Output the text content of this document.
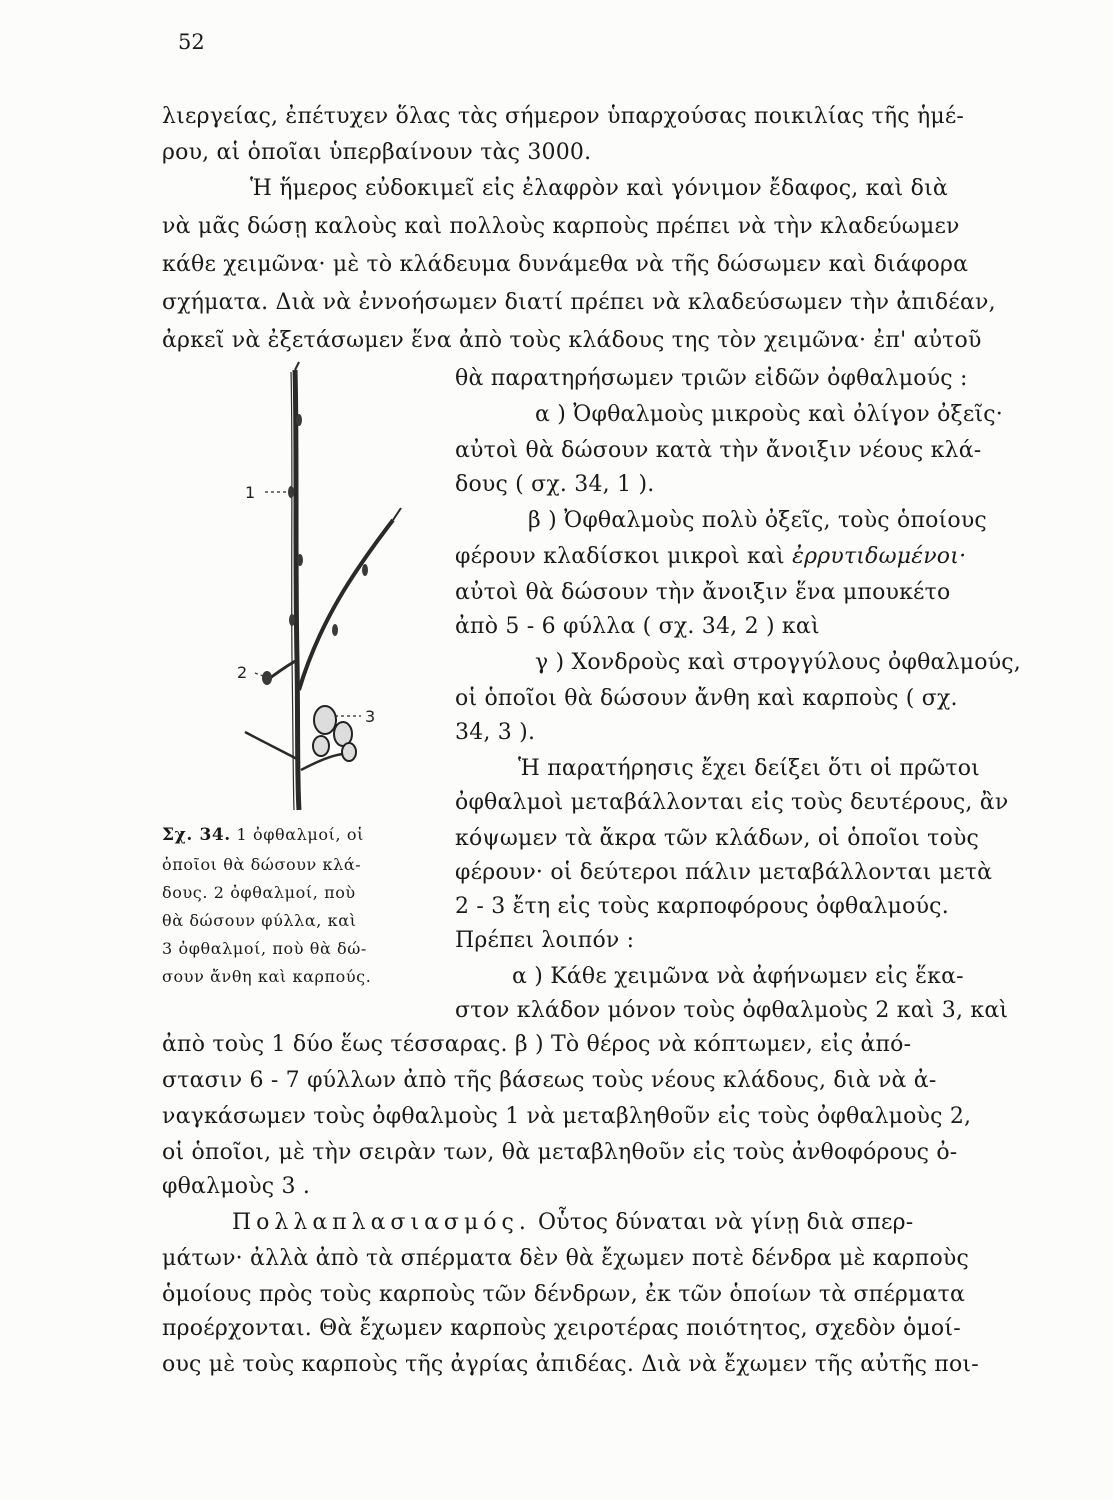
52
λιεργείας, ἐπέτυχεν ὅλας τὰς σήμερον ὑπαρχούσας ποικιλίας τῆς ἡμέ-
ρου, αἱ ὁποῖαι ὑπερβαίνουν τὰς 3000.
Ἡ ἥμερος εὐδοκιμεῖ εἰς ἐλαφρὸν καὶ γόνιμον ἔδαφος, καὶ διὰ
νὰ μᾶς δώσῃ καλοὺς καὶ πολλοὺς καρποὺς πρέπει νὰ τὴν κλαδεύωμεν
κάθε χειμῶνα· μὲ τὸ κλάδευμα δυνάμεθα νὰ τῆς δώσωμεν καὶ διάφορα
σχήματα. Διὰ νὰ ἐννοήσωμεν διατί πρέπει νὰ κλαδεύσωμεν τὴν ἀπιδέαν,
ἀρκεῖ νὰ ἐξετάσωμεν ἕνα ἀπὸ τοὺς κλάδους της τὸν χειμῶνα· ἐπ' αὐτοῦ
1
2
3
θὰ παρατηρήσωμεν τριῶν εἰδῶν ὀφθαλμούς :
α ) Ὀφθαλμοὺς μικροὺς καὶ ὀλίγον ὀξεῖς·
αὐτοὶ θὰ δώσουν κατὰ τὴν ἄνοιξιν νέους κλά-
δους ( σχ. 34, 1 ).
β ) Ὀφθαλμοὺς πολὺ ὀξεῖς, τοὺς ὁποίους
φέρουν κλαδίσκοι μικροὶ καὶ ἐρρυτιδωμένοι·
αὐτοὶ θὰ δώσουν τὴν ἄνοιξιν ἕνα μπουκέτο
ἀπὸ 5 - 6 φύλλα ( σχ. 34, 2 ) καὶ
γ ) Χονδροὺς καὶ στρογγύλους ὀφθαλμούς,
οἱ ὁποῖοι θὰ δώσουν ἄνθη καὶ καρποὺς ( σχ.
34, 3 ).
Ἡ παρατήρησις ἔχει δείξει ὅτι οἱ πρῶτοι
ὀφθαλμοὶ μεταβάλλονται εἰς τοὺς δευτέρους, ἂν
κόψωμεν τὰ ἄκρα τῶν κλάδων, οἱ ὁποῖοι τοὺς
φέρουν· οἱ δεύτεροι πάλιν μεταβάλλονται μετὰ
2 - 3 ἔτη εἰς τοὺς καρποφόρους ὀφθαλμούς.
Πρέπει λοιπόν :
α ) Κάθε χειμῶνα νὰ ἀφήνωμεν εἰς ἕκα-
στον κλάδον μόνον τοὺς ὀφθαλμοὺς 2 καὶ 3, καὶ
Σχ. 34. 1 ὀφθαλμοί, οἱ
ὁποῖοι θὰ δώσουν κλά-
δους. 2 ὀφθαλμοί, ποὺ
θὰ δώσουν φύλλα, καὶ
3 ὀφθαλμοί, ποὺ θὰ δώ-
σουν ἄνθη καὶ καρπούς.
ἀπὸ τοὺς 1 δύο ἕως τέσσαρας. β ) Τὸ θέρος νὰ κόπτωμεν, εἰς ἀπό-
στασιν 6 - 7 φύλλων ἀπὸ τῆς βάσεως τοὺς νέους κλάδους, διὰ νὰ ἀ-
ναγκάσωμεν τοὺς ὀφθαλμοὺς 1 νὰ μεταβληθοῦν εἰς τοὺς ὀφθαλμοὺς 2,
οἱ ὁποῖοι, μὲ τὴν σειρὰν των, θὰ μεταβληθοῦν εἰς τοὺς ἀνθοφόρους ὀ-
φθαλμοὺς 3 .
Πολλαπλασιασμός. Οὗτος δύναται νὰ γίνῃ διὰ σπερ-
μάτων· ἀλλὰ ἀπὸ τὰ σπέρματα δὲν θὰ ἔχωμεν ποτὲ δένδρα μὲ καρποὺς
ὁμοίους πρὸς τοὺς καρποὺς τῶν δένδρων, ἐκ τῶν ὁποίων τὰ σπέρματα
προέρχονται. Θὰ ἔχωμεν καρποὺς χειροτέρας ποιότητος, σχεδὸν ὁμοί-
ους μὲ τοὺς καρποὺς τῆς ἀγρίας ἀπιδέας. Διὰ νὰ ἔχωμεν τῆς αὐτῆς ποι-
